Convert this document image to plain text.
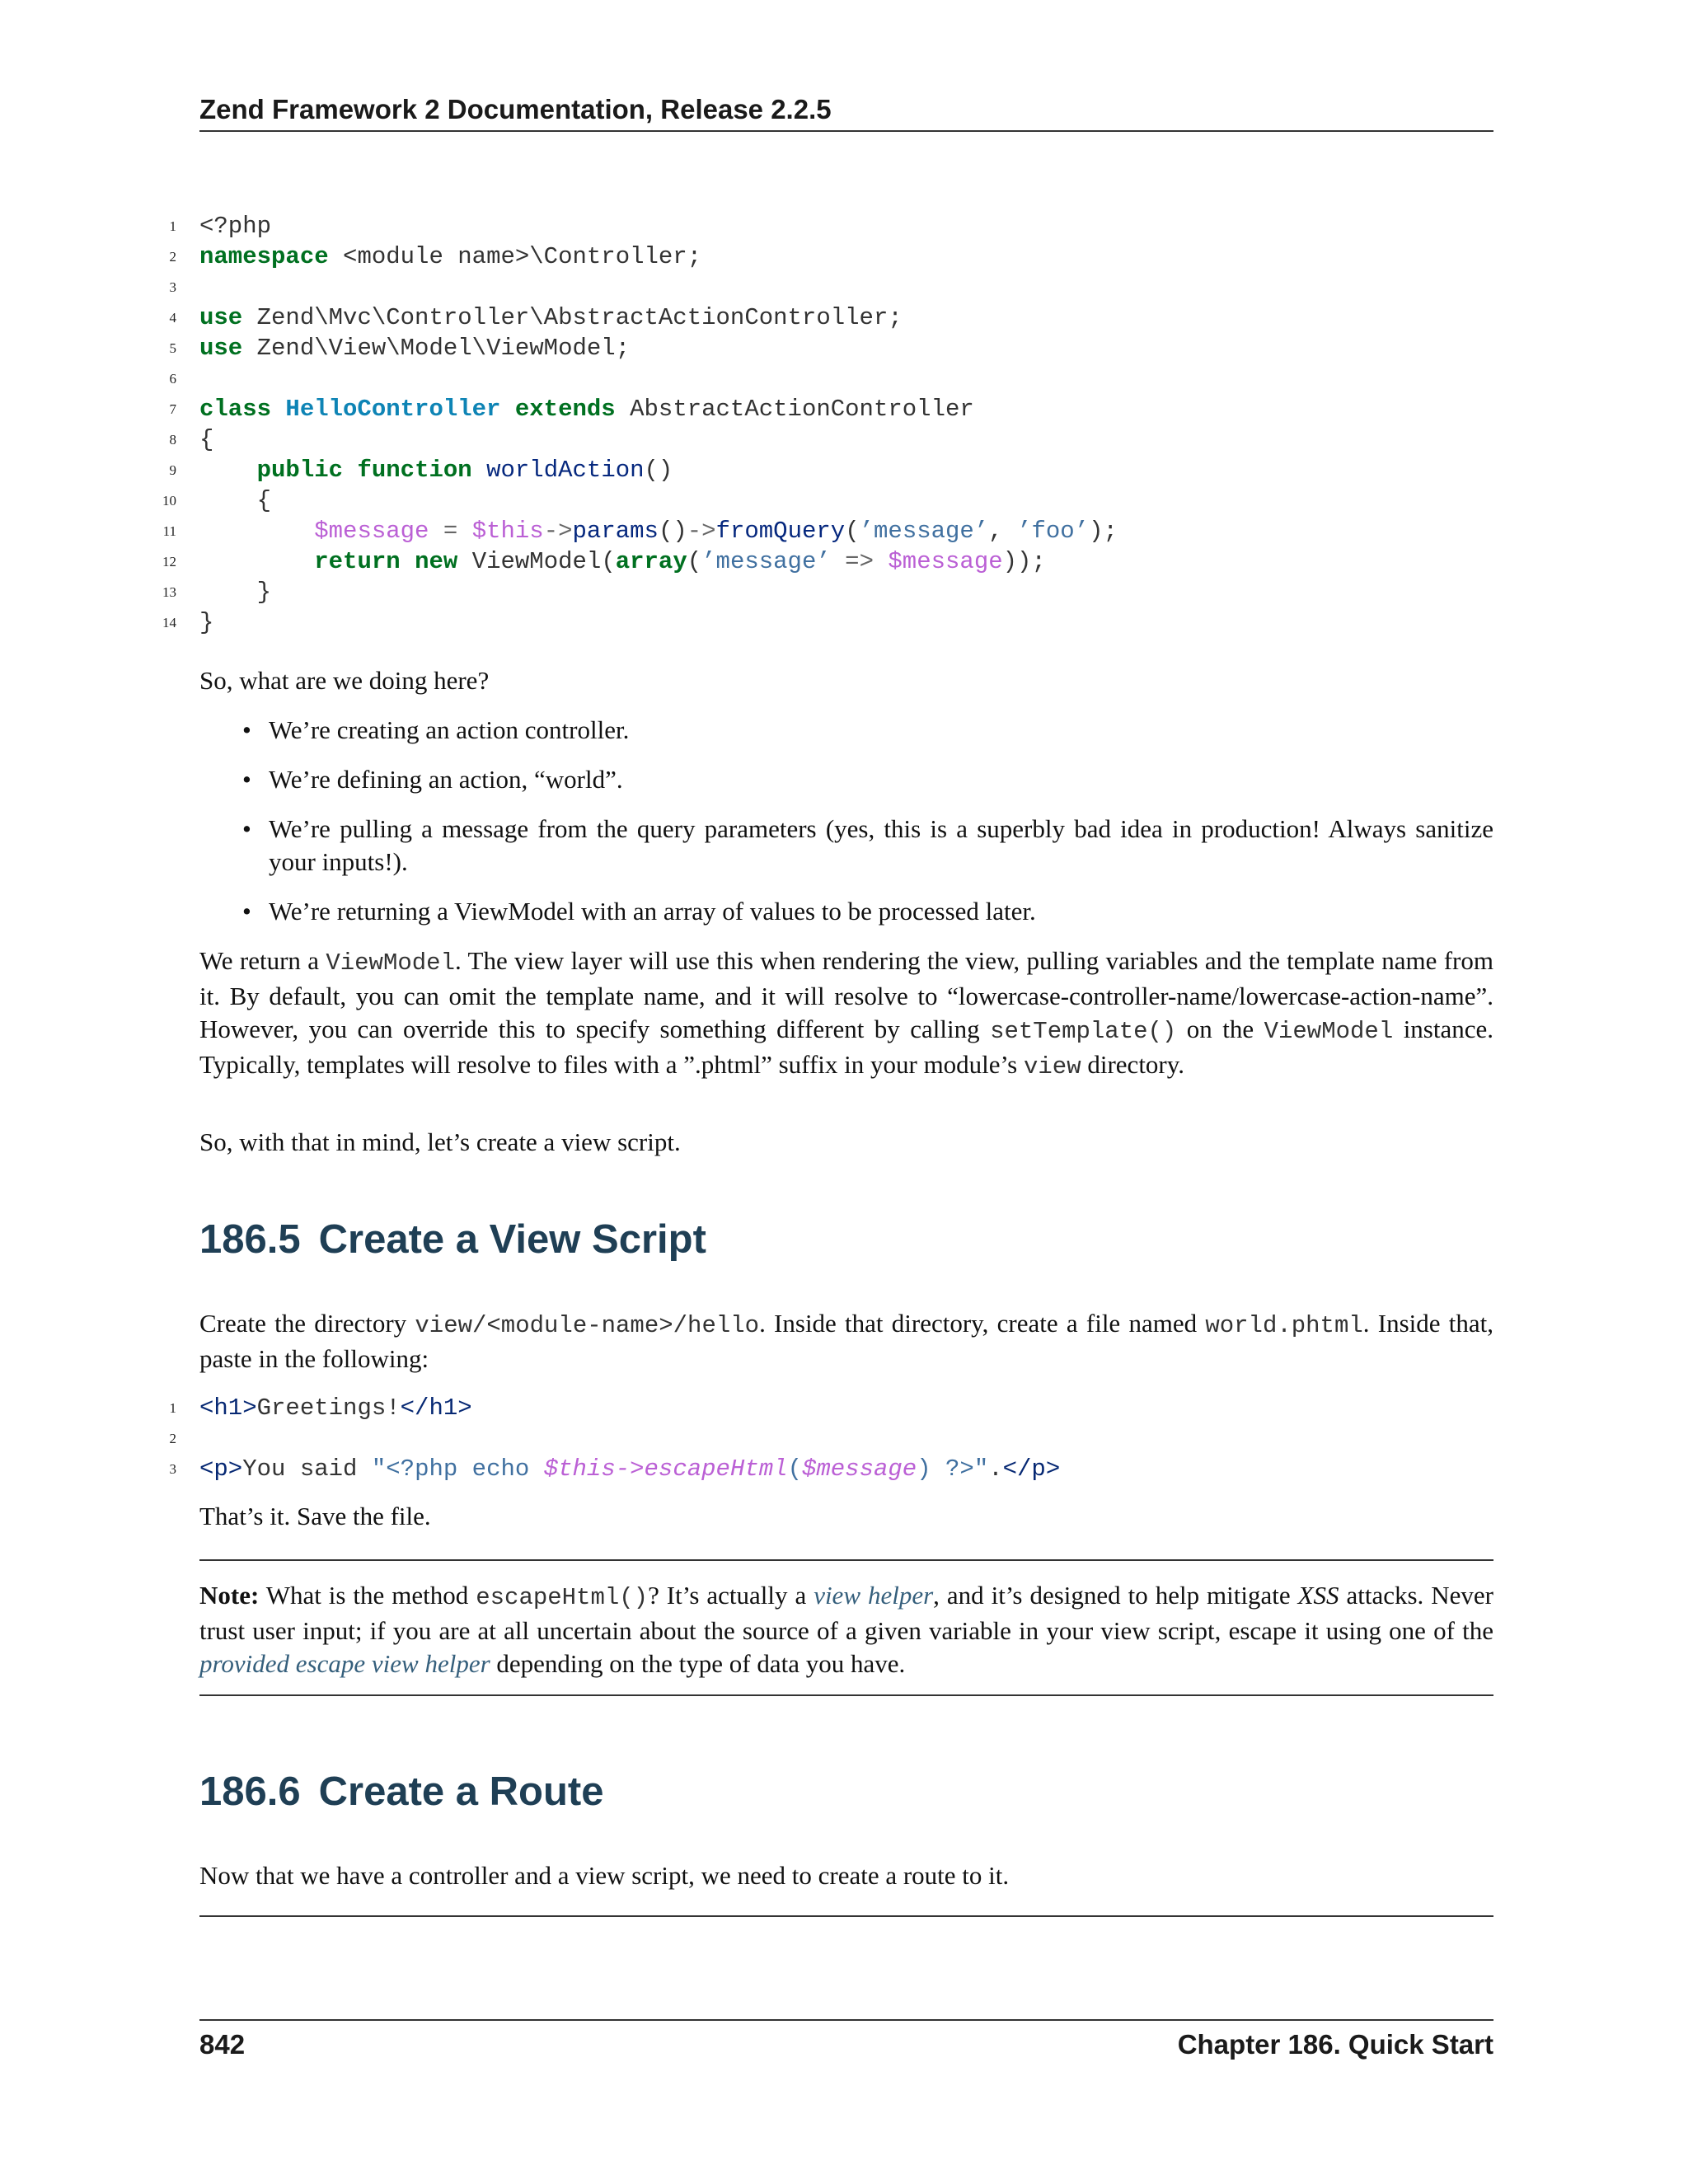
Zend Framework 2 Documentation, Release 2.2.5
1 <?php
2 namespace <module name>\Controller;
3
4 use Zend\Mvc\Controller\AbstractActionController;
5 use Zend\View\Model\ViewModel;
6
7 class HelloController extends AbstractActionController
8 {
9	public function worldAction()
10 {
11	$message = $this->params()->fromQuery(’message’, ’foo’);
12	return new ViewModel(array(’message’ => $message));
13 }
14 }
So, what are we doing here?
• We’re creating an action controller.
• We’re defining an action, “world”.
• We’re pulling a message from the query parameters (yes, this is a superbly bad idea in production! Always sanitize your inputs!).
• We’re returning a ViewModel with an array of values to be processed later.
We return a ViewModel. The view layer will use this when rendering the view, pulling variables and the template name from it. By default, you can omit the template name, and it will resolve to “lowercase-controller-name/lowercase-action-name”. However, you can override this to specify something different by calling setTemplate() on the ViewModel instance. Typically, templates will resolve to files with a ”.phtml” suffix in your module’s view directory.
So, with that in mind, let’s create a view script.
186.5 Create a View Script
Create the directory view/<module-name>/hello. Inside that directory, create a file named world.phtml. Inside that, paste in the following:
1 <h1>Greetings!</h1>
2
3 <p>You said "<?php echo $this->escapeHtml($message) ?>".</p>
That’s it. Save the file.
Note: What is the method escapeHtml()? It’s actually a view helper, and it’s designed to help mitigate XSS attacks. Never trust user input; if you are at all uncertain about the source of a given variable in your view script, escape it using one of the provided escape view helper depending on the type of data you have.
186.6 Create a Route
Now that we have a controller and a view script, we need to create a route to it.
842	Chapter 186. Quick Start
